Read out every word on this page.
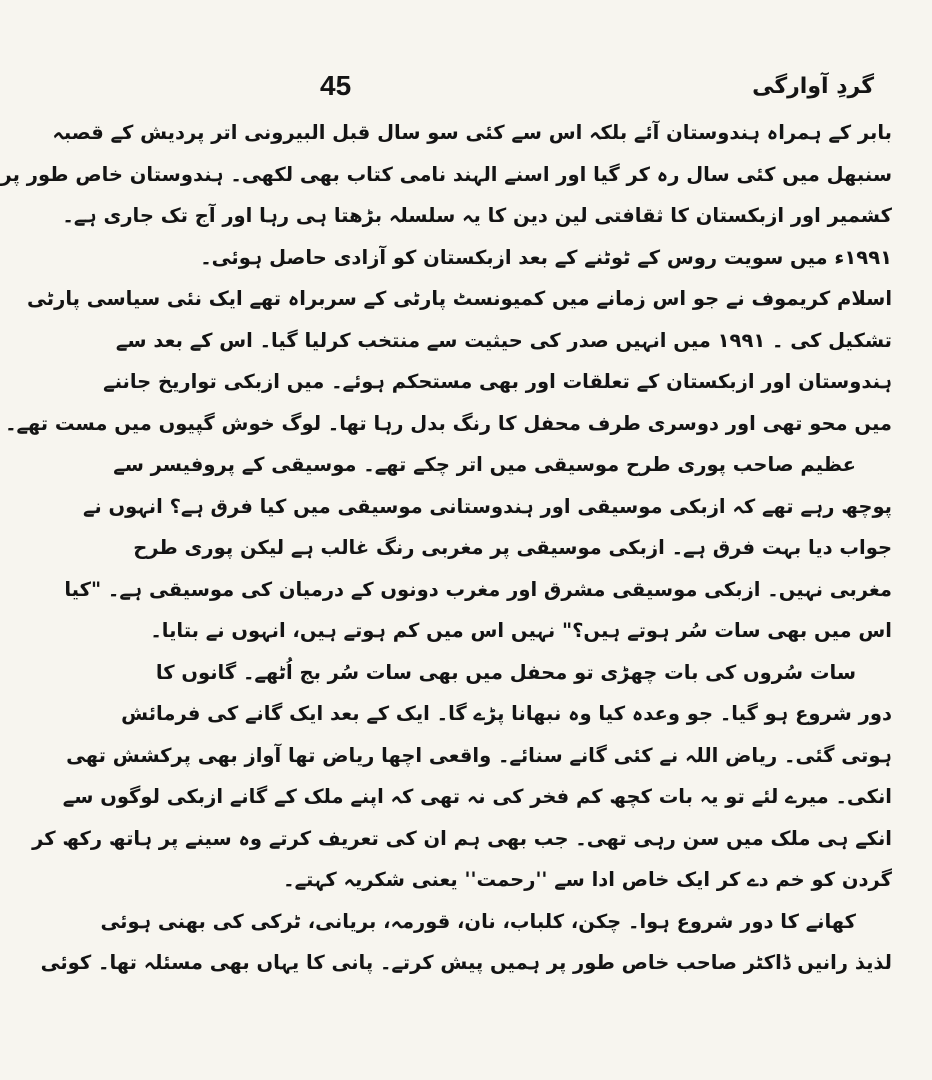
45	گردِ آوارگی
بابر کے ہمراہ ہندوستان آئے بلکہ اس سے کئی سو سال قبل البیرونی اتر پردیش کے قصبہ
سنبھل میں کئی سال رہ کر گیا اور اسنے الہند نامی کتاب بھی لکھی۔ ہندوستان خاص طور پر
کشمیر اور ازبکستان کا ثقافتی لین دین کا یہ سلسلہ بڑھتا ہی رہا اور آج تک جاری ہے۔
۱۹۹۱ء میں سویت روس کے ٹوٹنے کے بعد ازبکستان کو آزادی حاصل ہوئی۔
اسلام کریموف نے جو اس زمانے میں کمیونسٹ پارٹی کے سربراہ تھے ایک نئی سیاسی پارٹی
تشکیل کی ۔ ۱۹۹۱ میں انہیں صدر کی حیثیت سے منتخب کرلیا گیا۔ اس کے بعد سے
ہندوستان اور ازبکستان کے تعلقات اور بھی مستحکم ہوئے۔ میں ازبکی تواریخ جاننے
میں محو تھی اور دوسری طرف محفل کا رنگ بدل رہا تھا۔ لوگ خوش گپیوں میں مست تھے۔
عظیم صاحب پوری طرح موسیقی میں اتر چکے تھے۔ موسیقی کے پروفیسر سے
پوچھ رہے تھے کہ ازبکی موسیقی اور ہندوستانی موسیقی میں کیا فرق ہے؟ انہوں نے
جواب دیا بہت فرق ہے۔ ازبکی موسیقی پر مغربی رنگ غالب ہے لیکن پوری طرح
مغربی نہیں۔ ازبکی موسیقی مشرق اور مغرب دونوں کے درمیان کی موسیقی ہے۔ "کیا
اس میں بھی سات سُر ہوتے ہیں؟" نہیں اس میں کم ہوتے ہیں، انہوں نے بتایا۔
سات سُروں کی بات چھڑی تو محفل میں بھی سات سُر بج اُٹھے۔ گانوں کا
دور شروع ہو گیا۔ جو وعدہ کیا وہ نبھانا پڑے گا۔ ایک کے بعد ایک گانے کی فرمائش
ہوتی گئی۔ ریاض اللہ نے کئی گانے سنائے۔ واقعی اچھا ریاض تھا آواز بھی پرکشش تھی
انکی۔ میرے لئے تو یہ بات کچھ کم فخر کی نہ تھی کہ اپنے ملک کے گانے ازبکی لوگوں سے
انکے ہی ملک میں سن رہی تھی۔ جب بھی ہم ان کی تعریف کرتے وہ سینے پر ہاتھ رکھ کر
گردن کو خم دے کر ایک خاص ادا سے ''رحمت'' یعنی شکریہ کہتے۔
کھانے کا دور شروع ہوا۔ چکن، کلباب، نان، قورمہ، بریانی، ٹرکی کی بھنی ہوئی
لذیذ رانیں ڈاکٹر صاحب خاص طور پر ہمیں پیش کرتے۔ پانی کا یہاں بھی مسئلہ تھا۔ کوئی
